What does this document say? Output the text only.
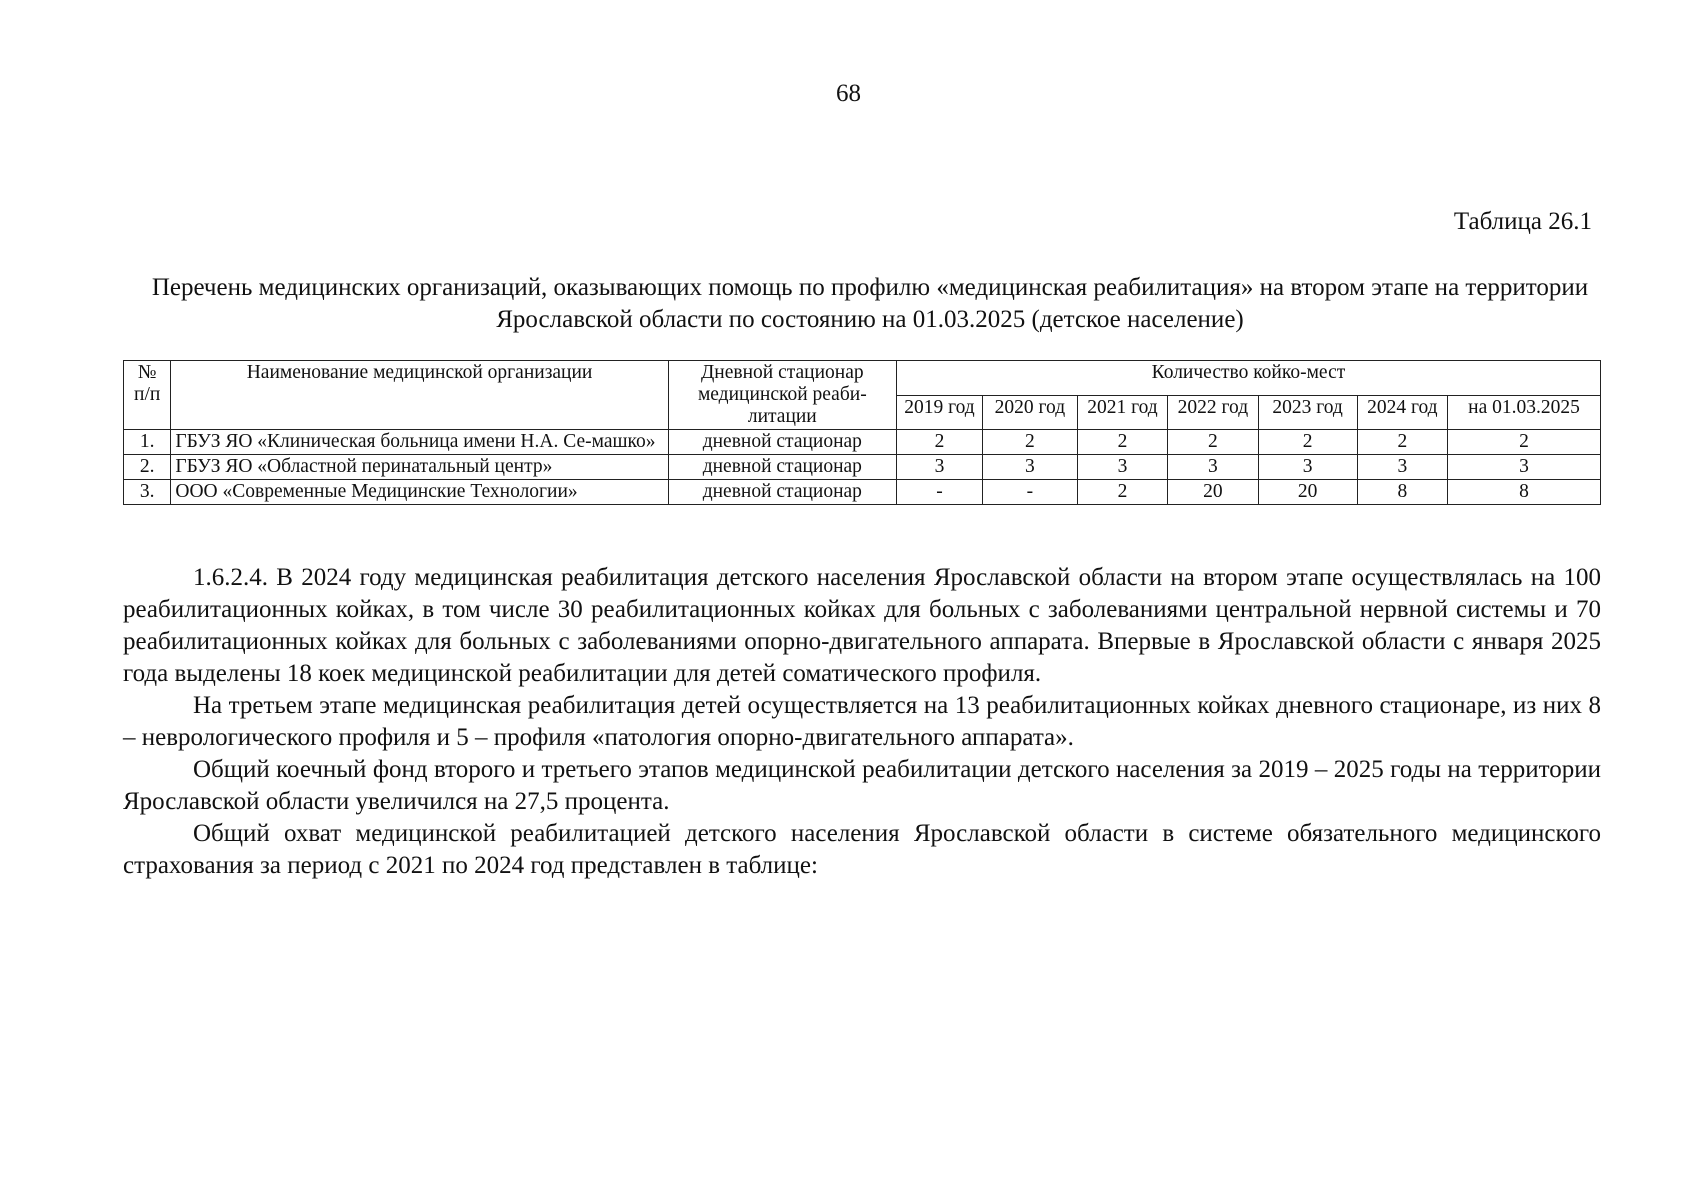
68
Таблица 26.1
Перечень медицинских организаций, оказывающих помощь по профилю «медицинская реабилитация» на втором этапе на территории Ярославской области по состоянию на 01.03.2025 (детское население)
№ п/п	Наименование медицинской организации	Дневной стационар медицинской реаби-литации	Количество койко-мест						
			2019 год	2020 год	2021 год	2022 год	2023 год	2024 год	на 01.03.2025
1.	ГБУЗ ЯО «Клиническая больница имени Н.А. Се-машко»	дневной стационар	2	2	2	2	2	2	2
2.	ГБУЗ ЯО «Областной перинатальный центр»	дневной стационар	3	3	3	3	3	3	3
3.	ООО «Современные Медицинские Технологии»	дневной стационар	-	-	2	20	20	8	8

1.6.2.4. В 2024 году медицинская реабилитация детского населения Ярославской области на втором этапе осуществлялась на 100 реабилитационных койках, в том числе 30 реабилитационных койках для больных с заболеваниями центральной нервной системы и 70 реабилитационных койках для больных с заболеваниями опорно-двигательного аппарата. Впервые в Ярославской области с января 2025 года выделены 18 коек медицинской реабилитации для детей соматического профиля.

На третьем этапе медицинская реабилитация детей осуществляется на 13 реабилитационных койках дневного стационаре, из них 8 – неврологического профиля и 5 – профиля «патология опорно-двигательного аппарата».

Общий коечный фонд второго и третьего этапов медицинской реабилитации детского населения за 2019 – 2025 годы на территории Ярославской области увеличился на 27,5 процента.

Общий охват медицинской реабилитацией детского населения Ярославской области в системе обязательного медицинского страхования за период с 2021 по 2024 год представлен в таблице:
